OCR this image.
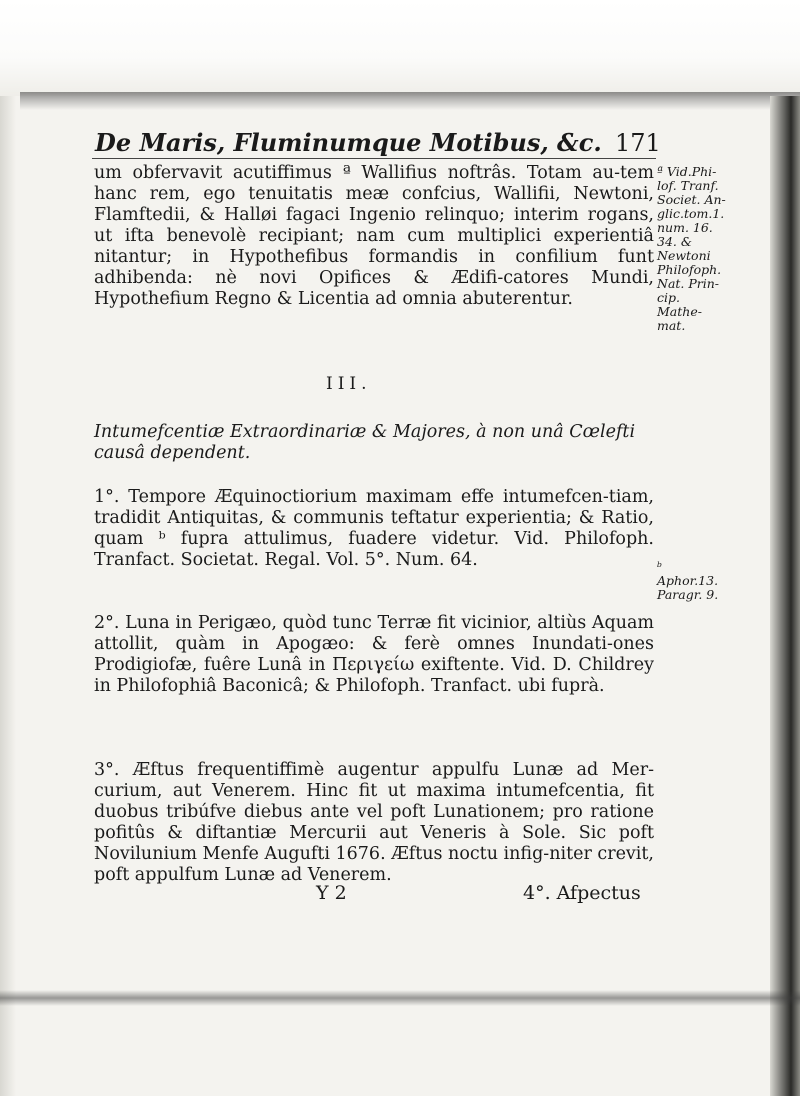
De Maris, Fluminumque Motibus, &c. 171
um obfervavit acutiffimus ª Wallifius noftrâs. Totam au-tem hanc rem, ego tenuitatis meæ confcius, Wallifii, Newtoni, Flamftedii, & Halløi fagaci Ingenio relinquo; interim rogans, ut ifta benevolè recipiant; nam cum multiplici experientiâ nitantur; in Hypothefibus formandis in confilium funt adhibenda: nè novi Opifices & Ædifi-catores Mundi, Hypothefium Regno & Licentia ad omnia abuterentur.
ª Vid.Phi-lof. Tranf. Societ. An-glic.tom.1. num. 16. 34. & Newtoni Philofoph. Nat. Prin-cip. Mathe-mat.
III.
Intumefcentiæ Extraordinariæ & Majores, à non unâ Cœlefti causâ dependent.
1°. Tempore Æquinoctiorium maximam effe intumefcen-tiam, tradidit Antiquitas, & communis teftatur experientia; & Ratio, quam ᵇ fupra attulimus, fuadere videtur. Vid. Philofoph. Tranfact. Societat. Regal. Vol. 5°. Num. 64.	ᵇ Aphor.13. Paragr. 9.
2°. Luna in Perigæo, quòd tunc Terræ fit vicinior, altiùs Aquam attollit, quàm in Apogæo: & ferè omnes Inundati-ones Prodigiofæ, fuêre Lunâ in Περιγείω exiftente. Vid. D. Childrey in Philofophiâ Baconicâ; & Philofoph. Tranfact. ubi fuprà.
3°. Æftus frequentiffimè augentur appulfu Lunæ ad Mer-curium, aut Venerem. Hinc fit ut maxima intumefcentia, fit duobus tribúfve diebus ante vel poft Lunationem; pro ratione pofitûs & diftantiæ Mercurii aut Veneris à Sole. Sic poft Novilunium Menfe Augufti 1676. Æftus noctu infig-niter crevit, poft appulfum Lunæ ad Venerem.
Y 2	4°. Afpectus
